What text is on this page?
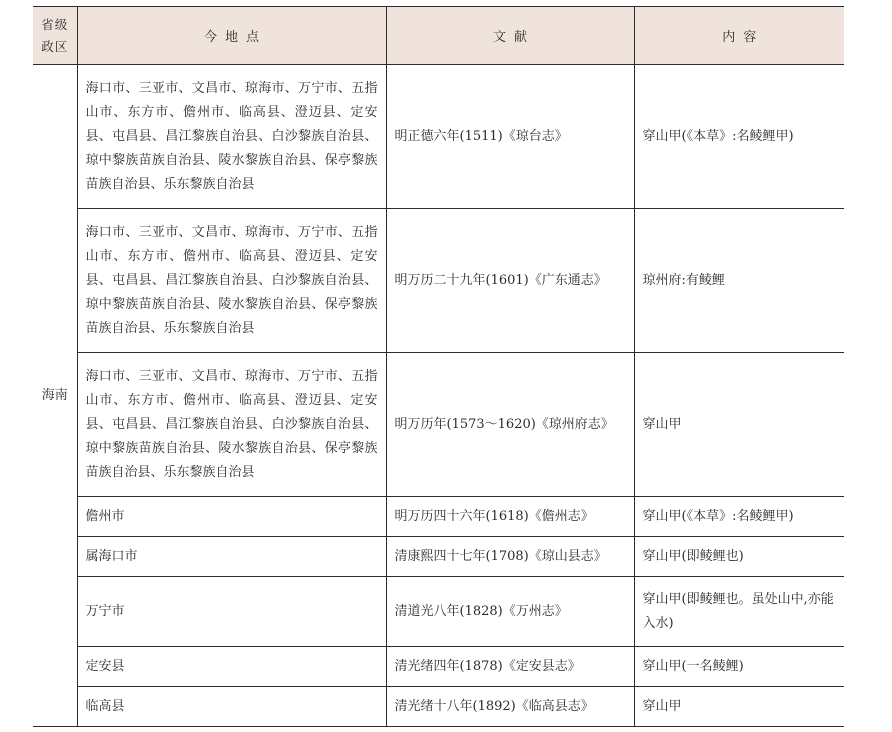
省级
政区	今地点	文献	内容
海南	海口市、三亚市、文昌市、琼海市、万宁市、五指山市、东方市、儋州市、临高县、澄迈县、定安县、屯昌县、昌江黎族自治县、白沙黎族自治县、琼中黎族苗族自治县、陵水黎族自治县、保亭黎族苗族自治县、乐东黎族自治县	明正德六年(1511)《琼台志》	穿山甲(《本草》:名鲮鲤甲)
	海口市、三亚市、文昌市、琼海市、万宁市、五指山市、东方市、儋州市、临高县、澄迈县、定安县、屯昌县、昌江黎族自治县、白沙黎族自治县、琼中黎族苗族自治县、陵水黎族自治县、保亭黎族苗族自治县、乐东黎族自治县	明万历二十九年(1601)《广东通志》	琼州府:有鲮鲤
	海口市、三亚市、文昌市、琼海市、万宁市、五指山市、东方市、儋州市、临高县、澄迈县、定安县、屯昌县、昌江黎族自治县、白沙黎族自治县、琼中黎族苗族自治县、陵水黎族自治县、保亭黎族苗族自治县、乐东黎族自治县	明万历年(1573～1620)《琼州府志》	穿山甲
	儋州市	明万历四十六年(1618)《儋州志》	穿山甲(《本草》:名鲮鲤甲)
	属海口市	清康熙四十七年(1708)《琼山县志》	穿山甲(即鲮鲤也)
	万宁市	清道光八年(1828)《万州志》	穿山甲(即鲮鲤也。虽处山中,亦能入水)
	定安县	清光绪四年(1878)《定安县志》	穿山甲(一名鲮鲤)
	临高县	清光绪十八年(1892)《临高县志》	穿山甲
